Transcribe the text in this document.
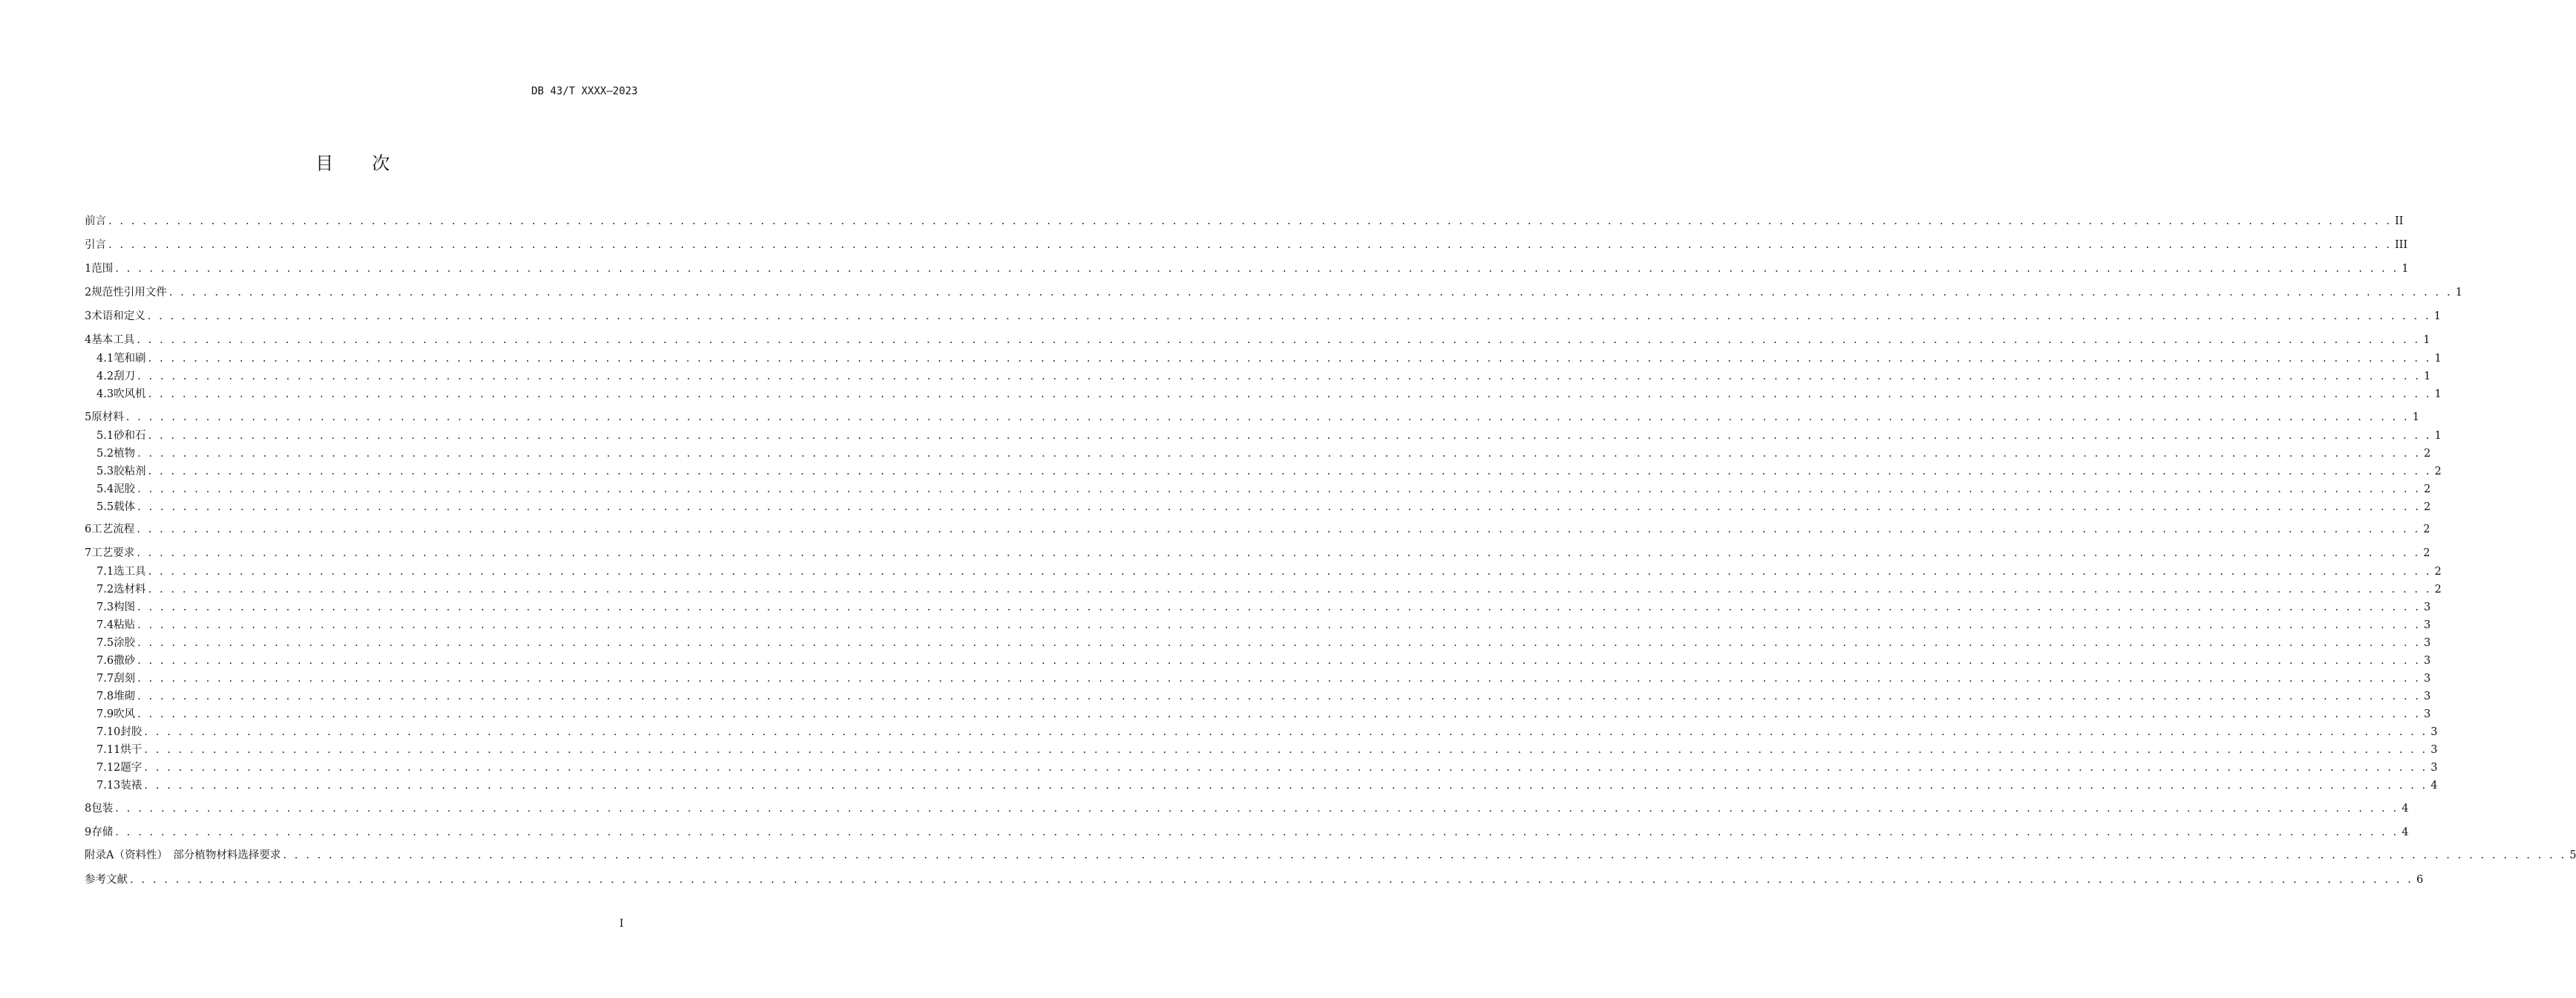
DB 43/T XXXX—2023
目 次
前言 . . . . . . . . . . . . . . . . . . . . . . . . . . . . . . . . . . . . . . . . . . . . . . . . . . . . . . . . . . . . . . . . . . . . . . . . . . . . . . . . . . . . . . . . . . . . . . . . . . . . . . . . . . . . . . . . . . . . . . . . . . . . . . . . . . . . . . . . . . . . . . . . . . . . . . . . . . . . . . . . . . . . . . . . . . . . . . . . . . . . . . . . . . . . . . . . . . . . . . . . II
引言 . . . . . . . . . . . . . . . . . . . . . . . . . . . . . . . . . . . . . . . . . . . . . . . . . . . . . . . . . . . . . . . . . . . . . . . . . . . . . . . . . . . . . . . . . . . . . . . . . . . . . . . . . . . . . . . . . . . . . . . . . . . . . . . . . . . . . . . . . . . . . . . . . . . . . . . . . . . . . . . . . . . . . . . . . . . . . . . . . . . . . . . . . . . . . . . . . . . . . . . . III
1 范围 . . . . . . . . . . . . . . . . . . . . . . . . . . . . . . . . . . . . . . . . . . . . . . . . . . . . . . . . . . . . . . . . . . . . . . . . . . . . . . . . . . . . . . . . . . . . . . . . . . . . . . . . . . . . . . . . . . . . . . . . . . . . . . . . . . . . . . . . . . . . . . . . . . . . . . . . . . . . . . . . . . . . . . . . . . . . . . . . . . . . . . . . . . . . . . . . . . . . . . . . 1
2 规范性引用文件 . . . . . . . . . . . . . . . . . . . . . . . . . . . . . . . . . . . . . . . . . . . . . . . . . . . . . . . . . . . . . . . . . . . . . . . . . . . . . . . . . . . . . . . . . . . . . . . . . . . . . . . . . . . . . . . . . . . . . . . . . . . . . . . . . . . . . . . . . . . . . . . . . . . . . . . . . . . . . . . . . . . . . . . . . . . . . . . . . . . . . . . . . . . . . . . . . . . . . . . . 1
3 术语和定义 . . . . . . . . . . . . . . . . . . . . . . . . . . . . . . . . . . . . . . . . . . . . . . . . . . . . . . . . . . . . . . . . . . . . . . . . . . . . . . . . . . . . . . . . . . . . . . . . . . . . . . . . . . . . . . . . . . . . . . . . . . . . . . . . . . . . . . . . . . . . . . . . . . . . . . . . . . . . . . . . . . . . . . . . . . . . . . . . . . . . . . . . . . . . . . . . . . . . . . . . 1
4 基本工具 . . . . . . . . . . . . . . . . . . . . . . . . . . . . . . . . . . . . . . . . . . . . . . . . . . . . . . . . . . . . . . . . . . . . . . . . . . . . . . . . . . . . . . . . . . . . . . . . . . . . . . . . . . . . . . . . . . . . . . . . . . . . . . . . . . . . . . . . . . . . . . . . . . . . . . . . . . . . . . . . . . . . . . . . . . . . . . . . . . . . . . . . . . . . . . . . . . . . . . . . 1
4.1 笔和刷 . . . . . . . . . . . . . . . . . . . . . . . . . . . . . . . . . . . . . . . . . . . . . . . . . . . . . . . . . . . . . . . . . . . . . . . . . . . . . . . . . . . . . . . . . . . . . . . . . . . . . . . . . . . . . . . . . . . . . . . . . . . . . . . . . . . . . . . . . . . . . . . . . . . . . . . . . . . . . . . . . . . . . . . . . . . . . . . . . . . . . . . . . . . . . . . . . . . . . . . . 1
4.2 刮刀 . . . . . . . . . . . . . . . . . . . . . . . . . . . . . . . . . . . . . . . . . . . . . . . . . . . . . . . . . . . . . . . . . . . . . . . . . . . . . . . . . . . . . . . . . . . . . . . . . . . . . . . . . . . . . . . . . . . . . . . . . . . . . . . . . . . . . . . . . . . . . . . . . . . . . . . . . . . . . . . . . . . . . . . . . . . . . . . . . . . . . . . . . . . . . . . . . . . . . . . . 1
4.3 吹风机 . . . . . . . . . . . . . . . . . . . . . . . . . . . . . . . . . . . . . . . . . . . . . . . . . . . . . . . . . . . . . . . . . . . . . . . . . . . . . . . . . . . . . . . . . . . . . . . . . . . . . . . . . . . . . . . . . . . . . . . . . . . . . . . . . . . . . . . . . . . . . . . . . . . . . . . . . . . . . . . . . . . . . . . . . . . . . . . . . . . . . . . . . . . . . . . . . . . . . . . . 1
5 原材料 . . . . . . . . . . . . . . . . . . . . . . . . . . . . . . . . . . . . . . . . . . . . . . . . . . . . . . . . . . . . . . . . . . . . . . . . . . . . . . . . . . . . . . . . . . . . . . . . . . . . . . . . . . . . . . . . . . . . . . . . . . . . . . . . . . . . . . . . . . . . . . . . . . . . . . . . . . . . . . . . . . . . . . . . . . . . . . . . . . . . . . . . . . . . . . . . . . . . . . . . 1
5.1 砂和石 . . . . . . . . . . . . . . . . . . . . . . . . . . . . . . . . . . . . . . . . . . . . . . . . . . . . . . . . . . . . . . . . . . . . . . . . . . . . . . . . . . . . . . . . . . . . . . . . . . . . . . . . . . . . . . . . . . . . . . . . . . . . . . . . . . . . . . . . . . . . . . . . . . . . . . . . . . . . . . . . . . . . . . . . . . . . . . . . . . . . . . . . . . . . . . . . . . . . . . . . 1
5.2 植物 . . . . . . . . . . . . . . . . . . . . . . . . . . . . . . . . . . . . . . . . . . . . . . . . . . . . . . . . . . . . . . . . . . . . . . . . . . . . . . . . . . . . . . . . . . . . . . . . . . . . . . . . . . . . . . . . . . . . . . . . . . . . . . . . . . . . . . . . . . . . . . . . . . . . . . . . . . . . . . . . . . . . . . . . . . . . . . . . . . . . . . . . . . . . . . . . . . . . . . . . 2
5.3 胶粘剂 . . . . . . . . . . . . . . . . . . . . . . . . . . . . . . . . . . . . . . . . . . . . . . . . . . . . . . . . . . . . . . . . . . . . . . . . . . . . . . . . . . . . . . . . . . . . . . . . . . . . . . . . . . . . . . . . . . . . . . . . . . . . . . . . . . . . . . . . . . . . . . . . . . . . . . . . . . . . . . . . . . . . . . . . . . . . . . . . . . . . . . . . . . . . . . . . . . . . . . . . 2
5.4 泥胶 . . . . . . . . . . . . . . . . . . . . . . . . . . . . . . . . . . . . . . . . . . . . . . . . . . . . . . . . . . . . . . . . . . . . . . . . . . . . . . . . . . . . . . . . . . . . . . . . . . . . . . . . . . . . . . . . . . . . . . . . . . . . . . . . . . . . . . . . . . . . . . . . . . . . . . . . . . . . . . . . . . . . . . . . . . . . . . . . . . . . . . . . . . . . . . . . . . . . . . . . 2
5.5 载体 . . . . . . . . . . . . . . . . . . . . . . . . . . . . . . . . . . . . . . . . . . . . . . . . . . . . . . . . . . . . . . . . . . . . . . . . . . . . . . . . . . . . . . . . . . . . . . . . . . . . . . . . . . . . . . . . . . . . . . . . . . . . . . . . . . . . . . . . . . . . . . . . . . . . . . . . . . . . . . . . . . . . . . . . . . . . . . . . . . . . . . . . . . . . . . . . . . . . . . . . 2
6 工艺流程 . . . . . . . . . . . . . . . . . . . . . . . . . . . . . . . . . . . . . . . . . . . . . . . . . . . . . . . . . . . . . . . . . . . . . . . . . . . . . . . . . . . . . . . . . . . . . . . . . . . . . . . . . . . . . . . . . . . . . . . . . . . . . . . . . . . . . . . . . . . . . . . . . . . . . . . . . . . . . . . . . . . . . . . . . . . . . . . . . . . . . . . . . . . . . . . . . . . . . . . . 2
7 工艺要求 . . . . . . . . . . . . . . . . . . . . . . . . . . . . . . . . . . . . . . . . . . . . . . . . . . . . . . . . . . . . . . . . . . . . . . . . . . . . . . . . . . . . . . . . . . . . . . . . . . . . . . . . . . . . . . . . . . . . . . . . . . . . . . . . . . . . . . . . . . . . . . . . . . . . . . . . . . . . . . . . . . . . . . . . . . . . . . . . . . . . . . . . . . . . . . . . . . . . . . . . 2
7.1 选工具 . . . . . . . . . . . . . . . . . . . . . . . . . . . . . . . . . . . . . . . . . . . . . . . . . . . . . . . . . . . . . . . . . . . . . . . . . . . . . . . . . . . . . . . . . . . . . . . . . . . . . . . . . . . . . . . . . . . . . . . . . . . . . . . . . . . . . . . . . . . . . . . . . . . . . . . . . . . . . . . . . . . . . . . . . . . . . . . . . . . . . . . . . . . . . . . . . . . . . . . . 2
7.2 选材料 . . . . . . . . . . . . . . . . . . . . . . . . . . . . . . . . . . . . . . . . . . . . . . . . . . . . . . . . . . . . . . . . . . . . . . . . . . . . . . . . . . . . . . . . . . . . . . . . . . . . . . . . . . . . . . . . . . . . . . . . . . . . . . . . . . . . . . . . . . . . . . . . . . . . . . . . . . . . . . . . . . . . . . . . . . . . . . . . . . . . . . . . . . . . . . . . . . . . . . . . 2
7.3 构图 . . . . . . . . . . . . . . . . . . . . . . . . . . . . . . . . . . . . . . . . . . . . . . . . . . . . . . . . . . . . . . . . . . . . . . . . . . . . . . . . . . . . . . . . . . . . . . . . . . . . . . . . . . . . . . . . . . . . . . . . . . . . . . . . . . . . . . . . . . . . . . . . . . . . . . . . . . . . . . . . . . . . . . . . . . . . . . . . . . . . . . . . . . . . . . . . . . . . . . . . 3
7.4 粘贴 . . . . . . . . . . . . . . . . . . . . . . . . . . . . . . . . . . . . . . . . . . . . . . . . . . . . . . . . . . . . . . . . . . . . . . . . . . . . . . . . . . . . . . . . . . . . . . . . . . . . . . . . . . . . . . . . . . . . . . . . . . . . . . . . . . . . . . . . . . . . . . . . . . . . . . . . . . . . . . . . . . . . . . . . . . . . . . . . . . . . . . . . . . . . . . . . . . . . . . . . 3
7.5 涂胶 . . . . . . . . . . . . . . . . . . . . . . . . . . . . . . . . . . . . . . . . . . . . . . . . . . . . . . . . . . . . . . . . . . . . . . . . . . . . . . . . . . . . . . . . . . . . . . . . . . . . . . . . . . . . . . . . . . . . . . . . . . . . . . . . . . . . . . . . . . . . . . . . . . . . . . . . . . . . . . . . . . . . . . . . . . . . . . . . . . . . . . . . . . . . . . . . . . . . . . . . 3
7.6 撒砂 . . . . . . . . . . . . . . . . . . . . . . . . . . . . . . . . . . . . . . . . . . . . . . . . . . . . . . . . . . . . . . . . . . . . . . . . . . . . . . . . . . . . . . . . . . . . . . . . . . . . . . . . . . . . . . . . . . . . . . . . . . . . . . . . . . . . . . . . . . . . . . . . . . . . . . . . . . . . . . . . . . . . . . . . . . . . . . . . . . . . . . . . . . . . . . . . . . . . . . . . 3
7.7 刮刻 . . . . . . . . . . . . . . . . . . . . . . . . . . . . . . . . . . . . . . . . . . . . . . . . . . . . . . . . . . . . . . . . . . . . . . . . . . . . . . . . . . . . . . . . . . . . . . . . . . . . . . . . . . . . . . . . . . . . . . . . . . . . . . . . . . . . . . . . . . . . . . . . . . . . . . . . . . . . . . . . . . . . . . . . . . . . . . . . . . . . . . . . . . . . . . . . . . . . . . . . 3
7.8 堆砌 . . . . . . . . . . . . . . . . . . . . . . . . . . . . . . . . . . . . . . . . . . . . . . . . . . . . . . . . . . . . . . . . . . . . . . . . . . . . . . . . . . . . . . . . . . . . . . . . . . . . . . . . . . . . . . . . . . . . . . . . . . . . . . . . . . . . . . . . . . . . . . . . . . . . . . . . . . . . . . . . . . . . . . . . . . . . . . . . . . . . . . . . . . . . . . . . . . . . . . . . 3
7.9 吹风 . . . . . . . . . . . . . . . . . . . . . . . . . . . . . . . . . . . . . . . . . . . . . . . . . . . . . . . . . . . . . . . . . . . . . . . . . . . . . . . . . . . . . . . . . . . . . . . . . . . . . . . . . . . . . . . . . . . . . . . . . . . . . . . . . . . . . . . . . . . . . . . . . . . . . . . . . . . . . . . . . . . . . . . . . . . . . . . . . . . . . . . . . . . . . . . . . . . . . . . . 3
7.10 封胶 . . . . . . . . . . . . . . . . . . . . . . . . . . . . . . . . . . . . . . . . . . . . . . . . . . . . . . . . . . . . . . . . . . . . . . . . . . . . . . . . . . . . . . . . . . . . . . . . . . . . . . . . . . . . . . . . . . . . . . . . . . . . . . . . . . . . . . . . . . . . . . . . . . . . . . . . . . . . . . . . . . . . . . . . . . . . . . . . . . . . . . . . . . . . . . . . . . . . . . . . 3
7.11 烘干 . . . . . . . . . . . . . . . . . . . . . . . . . . . . . . . . . . . . . . . . . . . . . . . . . . . . . . . . . . . . . . . . . . . . . . . . . . . . . . . . . . . . . . . . . . . . . . . . . . . . . . . . . . . . . . . . . . . . . . . . . . . . . . . . . . . . . . . . . . . . . . . . . . . . . . . . . . . . . . . . . . . . . . . . . . . . . . . . . . . . . . . . . . . . . . . . . . . . . . . . 3
7.12 题字 . . . . . . . . . . . . . . . . . . . . . . . . . . . . . . . . . . . . . . . . . . . . . . . . . . . . . . . . . . . . . . . . . . . . . . . . . . . . . . . . . . . . . . . . . . . . . . . . . . . . . . . . . . . . . . . . . . . . . . . . . . . . . . . . . . . . . . . . . . . . . . . . . . . . . . . . . . . . . . . . . . . . . . . . . . . . . . . . . . . . . . . . . . . . . . . . . . . . . . . . 3
7.13 装裱 . . . . . . . . . . . . . . . . . . . . . . . . . . . . . . . . . . . . . . . . . . . . . . . . . . . . . . . . . . . . . . . . . . . . . . . . . . . . . . . . . . . . . . . . . . . . . . . . . . . . . . . . . . . . . . . . . . . . . . . . . . . . . . . . . . . . . . . . . . . . . . . . . . . . . . . . . . . . . . . . . . . . . . . . . . . . . . . . . . . . . . . . . . . . . . . . . . . . . . . . 4
8 包装 . . . . . . . . . . . . . . . . . . . . . . . . . . . . . . . . . . . . . . . . . . . . . . . . . . . . . . . . . . . . . . . . . . . . . . . . . . . . . . . . . . . . . . . . . . . . . . . . . . . . . . . . . . . . . . . . . . . . . . . . . . . . . . . . . . . . . . . . . . . . . . . . . . . . . . . . . . . . . . . . . . . . . . . . . . . . . . . . . . . . . . . . . . . . . . . . . . . . . . . . 4
9 存储 . . . . . . . . . . . . . . . . . . . . . . . . . . . . . . . . . . . . . . . . . . . . . . . . . . . . . . . . . . . . . . . . . . . . . . . . . . . . . . . . . . . . . . . . . . . . . . . . . . . . . . . . . . . . . . . . . . . . . . . . . . . . . . . . . . . . . . . . . . . . . . . . . . . . . . . . . . . . . . . . . . . . . . . . . . . . . . . . . . . . . . . . . . . . . . . . . . . . . . . . 4
附录A（资料性）　部分植物材料选择要求 . . . . . . . . . . . . . . . . . . . . . . . . . . . . . . . . . . . . . . . . . . . . . . . . . . . . . . . . . . . . . . . . . . . . . . . . . . . . . . . . . . . . . . . . . . . . . . . . . . . . . . . . . . . . . . . . . . . . . . . . . . . . . . . . . . . . . . . . . . . . . . . . . . . . . . . . . . . . . . . . . . . . . . . . . . . . . . . . . . . . . . . . . . . . . . . . . . . . . . . . 5
参考文献 . . . . . . . . . . . . . . . . . . . . . . . . . . . . . . . . . . . . . . . . . . . . . . . . . . . . . . . . . . . . . . . . . . . . . . . . . . . . . . . . . . . . . . . . . . . . . . . . . . . . . . . . . . . . . . . . . . . . . . . . . . . . . . . . . . . . . . . . . . . . . . . . . . . . . . . . . . . . . . . . . . . . . . . . . . . . . . . . . . . . . . . . . . . . . . . . . . . . . . . . 6
I
